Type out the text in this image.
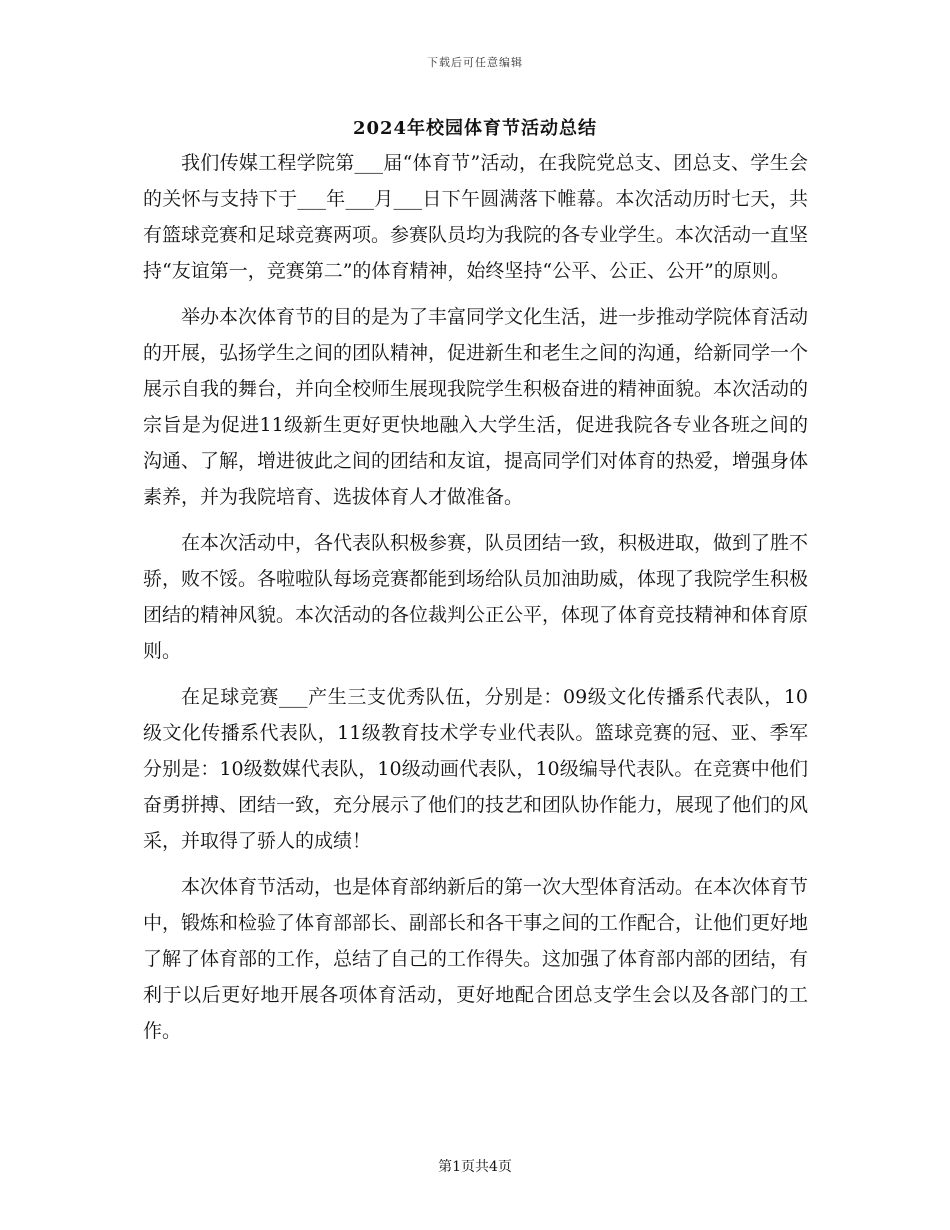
下载后可任意编辑
2024年校园体育节活动总结

我们传媒工程学院第___届“体育节”活动，在我院党总支、团总支、学生会的关怀与支持下于___年___月___日下午圆满落下帷幕。本次活动历时七天，共有篮球竞赛和足球竞赛两项。参赛队员均为我院的各专业学生。本次活动一直坚持“友谊第一，竞赛第二”的体育精神，始终坚持“公平、公正、公开”的原则。

举办本次体育节的目的是为了丰富同学文化生活，进一步推动学院体育活动的开展，弘扬学生之间的团队精神，促进新生和老生之间的沟通，给新同学一个展示自我的舞台，并向全校师生展现我院学生积极奋进的精神面貌。本次活动的宗旨是为促进11级新生更好更快地融入大学生活，促进我院各专业各班之间的沟通、了解，增进彼此之间的团结和友谊，提高同学们对体育的热爱，增强身体素养，并为我院培育、选拔体育人才做准备。

在本次活动中，各代表队积极参赛，队员团结一致，积极进取，做到了胜不骄，败不馁。各啦啦队每场竞赛都能到场给队员加油助威，体现了我院学生积极团结的精神风貌。本次活动的各位裁判公正公平，体现了体育竞技精神和体育原则。

在足球竞赛___产生三支优秀队伍，分别是：09级文化传播系代表队，10级文化传播系代表队，11级教育技术学专业代表队。篮球竞赛的冠、亚、季军分别是：10级数媒代表队，10级动画代表队，10级编导代表队。在竞赛中他们奋勇拼搏、团结一致，充分展示了他们的技艺和团队协作能力，展现了他们的风采，并取得了骄人的成绩！

本次体育节活动，也是体育部纳新后的第一次大型体育活动。在本次体育节中，锻炼和检验了体育部部长、副部长和各干事之间的工作配合，让他们更好地了解了体育部的工作，总结了自己的工作得失。这加强了体育部内部的团结，有利于以后更好地开展各项体育活动，更好地配合团总支学生会以及各部门的工作。

第1页共4页
